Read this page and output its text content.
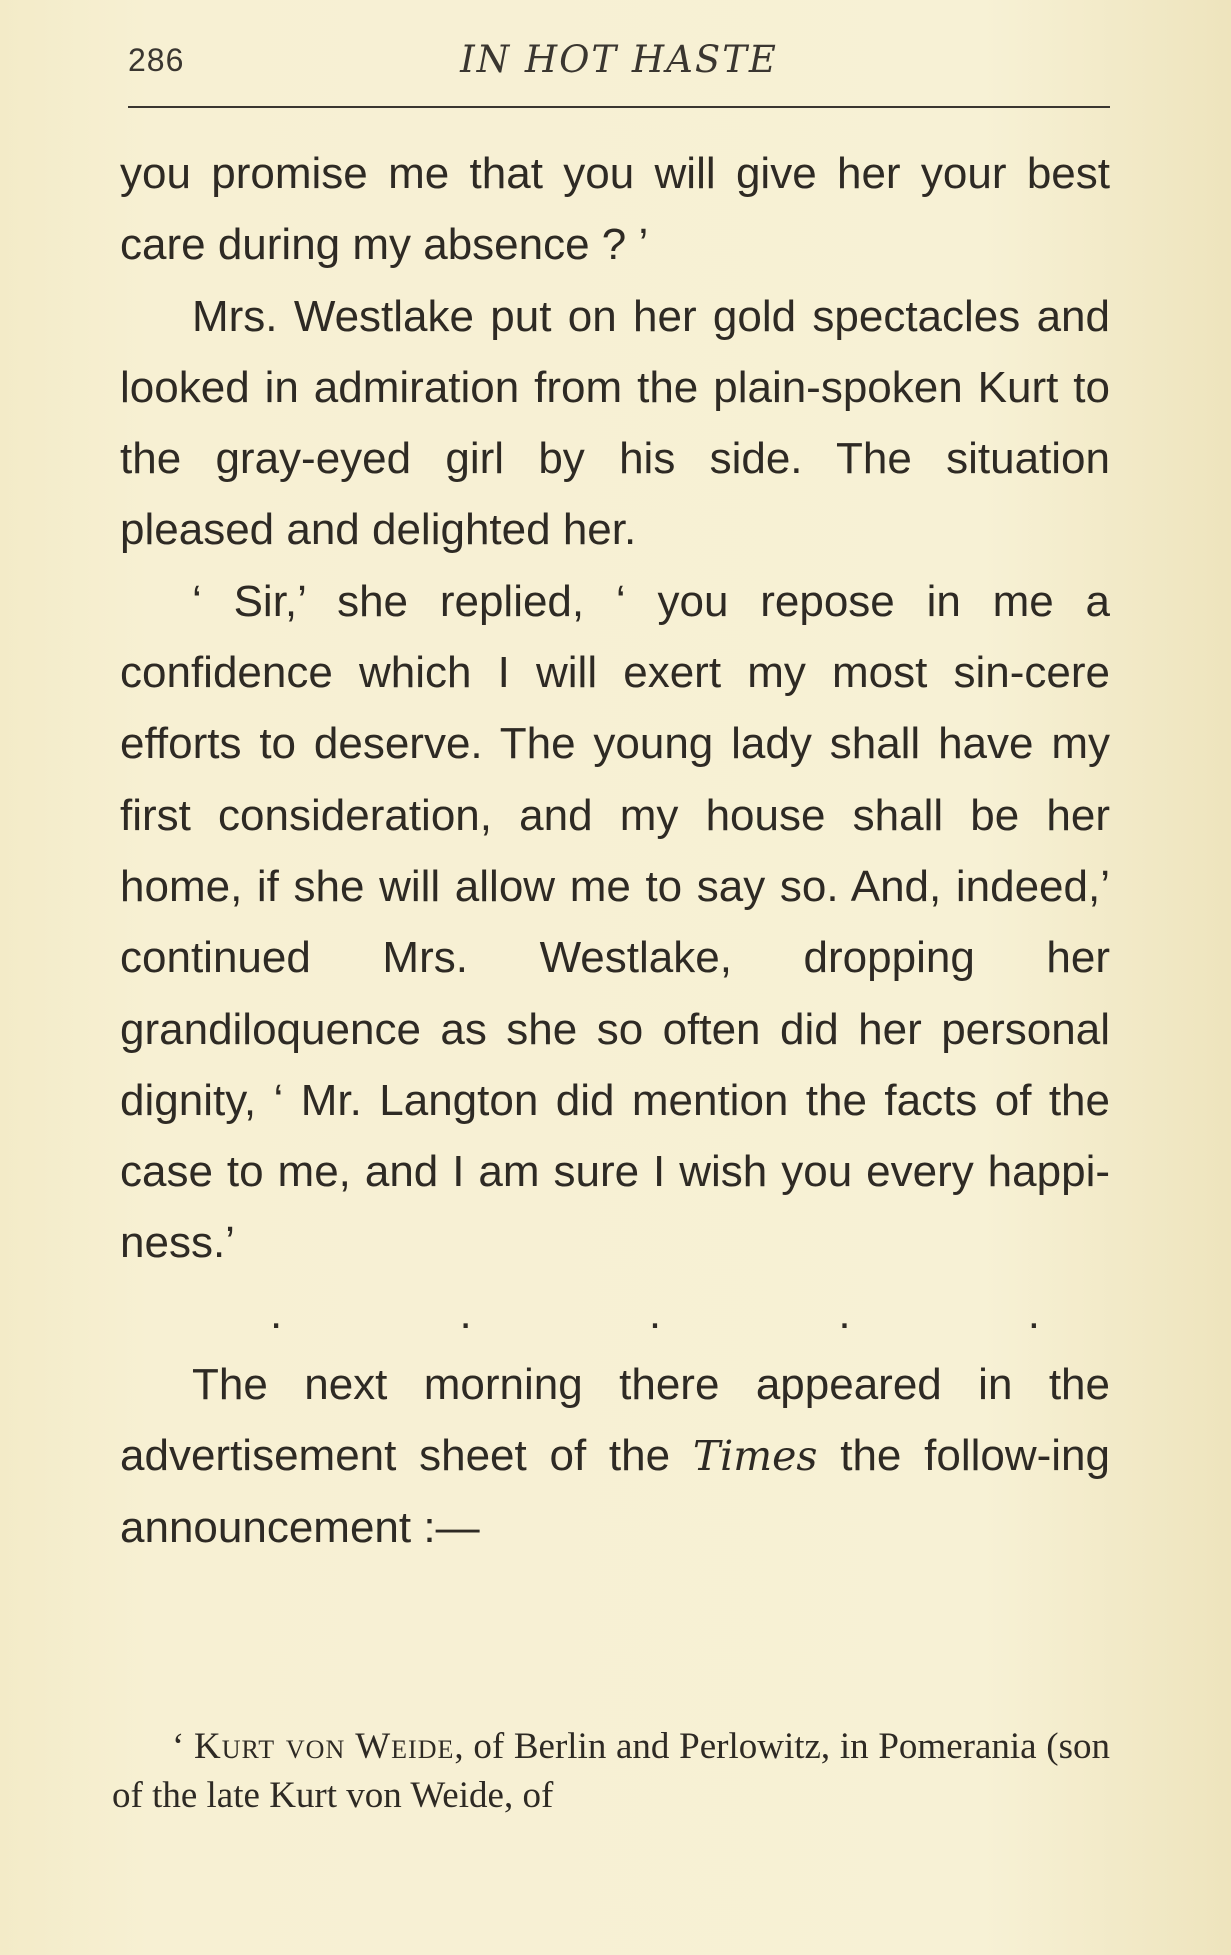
286	IN HOT HASTE

you promise me that you will give her your best care during my absence ? ’

Mrs. Westlake put on her gold spectacles and looked in admiration from the plain-spoken Kurt to the gray-eyed girl by his side. The situation pleased and delighted her.

‘ Sir,’ she replied, ‘ you repose in me a confidence which I will exert my most sin-cere efforts to deserve. The young lady shall have my first consideration, and my house shall be her home, if she will allow me to say so. And, indeed,’ continued Mrs. Westlake, dropping her grandiloquence as she so often did her personal dignity, ‘ Mr. Langton did mention the facts of the case to me, and I am sure I wish you every happi-ness.’

.	.	.	.	.

The next morning there appeared in the advertisement sheet of the Times the follow-ing announcement :—

‘ Kurt von Weide, of Berlin and Perlowitz, in Pomerania (son of the late Kurt von Weide, of
